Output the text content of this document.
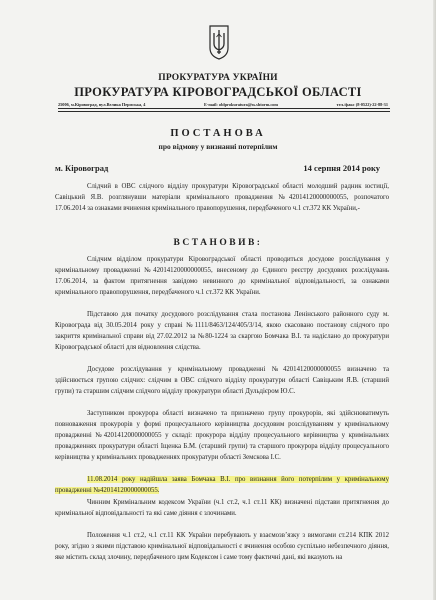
ПРОКУРАТУРА УКРАЇНИ
ПРОКУРАТУРА КІРОВОГРАДСЬКОЇ ОБЛАСТІ
25006, м.Кіровоград, вул.Велика Пермська, 4	E-mail: oblprokuratura@ss.shtorm.com	тел./факс (8-0522)-22-88-31
ПОСТАНОВА
про відмову у визнанні потерпілим
м. Кіровоград	14 серпня 2014 року

Слідчий в ОВС слідчого відділу прокуратури Кіровоградської області молодший радник юстиції, Савіцький Я.В. розглянувши матеріали кримінального провадження №42014120000000055, розпочатого 17.06.2014 за ознаками вчинення кримінального правопорушення, передбаченого ч.1 ст.372 КК України,-

ВСТАНОВИВ:

Слідчим відділом прокуратури Кіровоградської області проводиться досудове розслідування у кримінальному провадженні №42014120000000055, внесеному до Єдиного реєстру досудових розслідувань 17.06.2014, за фактом притягнення завідомо невинного до кримінальної відповідальності, за ознаками кримінального правопорушення, передбаченого ч.1 ст.372 КК України.

Підставою для початку досудового розслідування стала постанова Ленінського районного суду м. Кіровограда від 30.05.2014 року у справі №1111/8463/124/405/3/14, якою скасовано постанову слідчого про закриття кримінальної справи від 27.02.2012 за №80-1224 за скаргою Бомчака В.І. та надіслано до прокуратури Кіровоградської області для відновлення слідства.

Досудове розслідування у кримінальному провадженні №42014120000000055 визначено та здійснюється групою слідчих: слідчим в ОВС слідчого відділу прокуратури області Савіцьким Я.В. (старший групи) та старшим слідчим слідчого відділу прокуратури області Дульдієром Ю.С.

Заступником прокурора області визначено та призначено групу прокурорів, які здійснюватимуть повноваження прокурорів у формі процесуального керівництва досудовим розслідуванням у кримінальному провадженні №42014120000000055 у складі: прокурора відділу процесуального керівництва у кримінальних провадженнях прокуратури області Іщенка Б.М. (старший групи) та старшого прокурора відділу процесуального керівництва у кримінальних провадженнях прокуратури області Земскова І.С.

11.08.2014 року надійшла заява Бомчака В.І. про визнання його потерпілим у кримінальному провадженні №42014120000000055.

Чинним Кримінальним кодексом України (ч.1 ст.2, ч.1 ст.11 КК) визначені підстави притягнення до кримінальної відповідальності та які саме діяння є злочинами.

Положення ч.1 ст.2, ч.1 ст.11 КК України перебувають у взаємозв’язку з вимогами ст.214 КПК 2012 року, згідно з якими підставою кримінальної відповідальності є вчинення особою суспільно небезпечного діяння, яке містить склад злочину, передбаченого цим Кодексом і саме тому фактичні дані, які вказують на
